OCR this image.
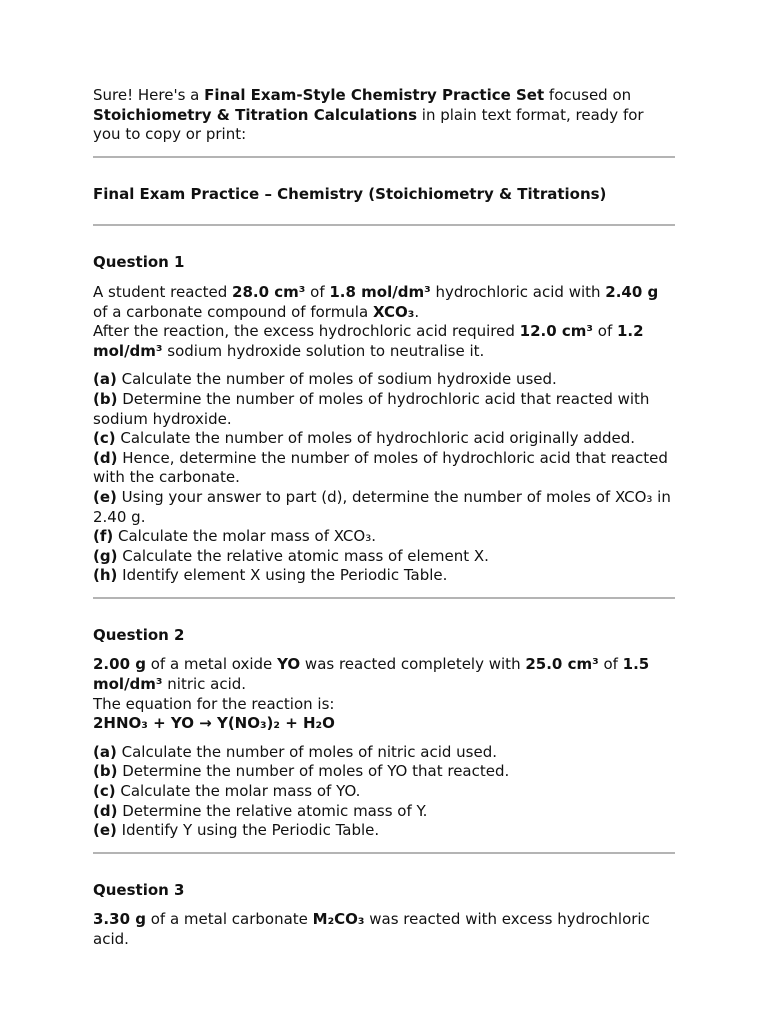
Sure! Here's a Final Exam-Style Chemistry Practice Set focused on Stoichiometry & Titration Calculations in plain text format, ready for you to copy or print:

Final Exam Practice – Chemistry (Stoichiometry & Titrations)

Question 1

A student reacted 28.0 cm³ of 1.8 mol/dm³ hydrochloric acid with 2.40 g of a carbonate compound of formula XCO₃.

After the reaction, the excess hydrochloric acid required 12.0 cm³ of 1.2 mol/dm³ sodium hydroxide solution to neutralise it.

(a) Calculate the number of moles of sodium hydroxide used.

(b) Determine the number of moles of hydrochloric acid that reacted with sodium hydroxide.

(c) Calculate the number of moles of hydrochloric acid originally added.

(d) Hence, determine the number of moles of hydrochloric acid that reacted with the carbonate.

(e) Using your answer to part (d), determine the number of moles of XCO₃ in 2.40 g.

(f) Calculate the molar mass of XCO₃.

(g) Calculate the relative atomic mass of element X.

(h) Identify element X using the Periodic Table.

Question 2

2.00 g of a metal oxide YO was reacted completely with 25.0 cm³ of 1.5 mol/dm³ nitric acid.

The equation for the reaction is:

2HNO₃ + YO → Y(NO₃)₂ + H₂O

(a) Calculate the number of moles of nitric acid used.

(b) Determine the number of moles of YO that reacted.

(c) Calculate the molar mass of YO.

(d) Determine the relative atomic mass of Y.

(e) Identify Y using the Periodic Table.

Question 3

3.30 g of a metal carbonate M₂CO₃ was reacted with excess hydrochloric acid.
